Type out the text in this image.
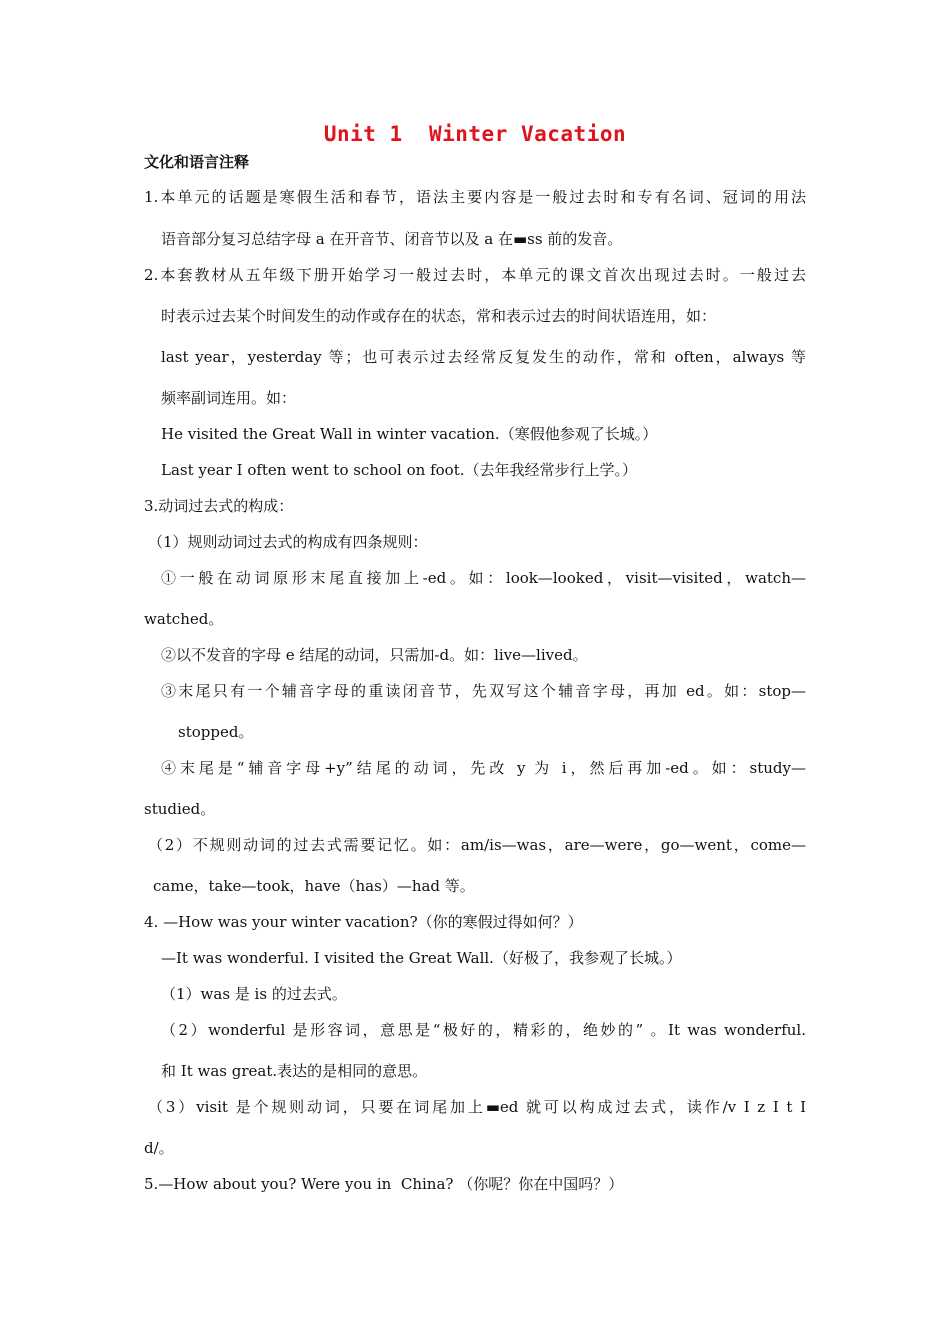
Unit 1  Winter Vacation
文化和语言注释
1.本单元的话题是寒假生活和春节，语法主要内容是一般过去时和专有名词、冠词的用法
语音部分复习总结字母 a 在开音节、闭音节以及 a 在▬ss 前的发音。
2.本套教材从五年级下册开始学习一般过去时，本单元的课文首次出现过去时。一般过去
时表示过去某个时间发生的动作或存在的状态，常和表示过去的时间状语连用，如：
last year，yesterday 等；也可表示过去经常反复发生的动作，常和 often，always 等
频率副词连用。如：
He visited the Great Wall in winter vacation.（寒假他参观了长城。）
Last year I often went to school on foot.（去年我经常步行上学。）
3.动词过去式的构成：
（1）规则动词过去式的构成有四条规则：
①一般在动词原形末尾直接加上-ed。如：look—looked，visit—visited，watch—
watched。
②以不发音的字母 e 结尾的动词，只需加-d。如：live—lived。
③末尾只有一个辅音字母的重读闭音节，先双写这个辅音字母，再加 ed。如：stop—
stopped。
④末尾是“辅音字母+y”结尾的动词，先改 y 为 i，然后再加-ed。如：study—
studied。
（2）不规则动词的过去式需要记忆。如：am/is—was，are—were，go—went，come—
came，take—took，have（has）—had 等。
4. —How was your winter vacation?（你的寒假过得如何？）
—It was wonderful. I visited the Great Wall.（好极了，我参观了长城。）
（1）was 是 is 的过去式。
（2）wonderful 是形容词，意思是“极好的，精彩的，绝妙的” 。It was wonderful.
和 It was great.表达的是相同的意思。
（3）visit 是个规则动词，只要在词尾加上▬ed 就可以构成过去式，读作/v I z I t I
d/。
5.—How about you? Were you in  China? （你呢？你在中国吗？）
